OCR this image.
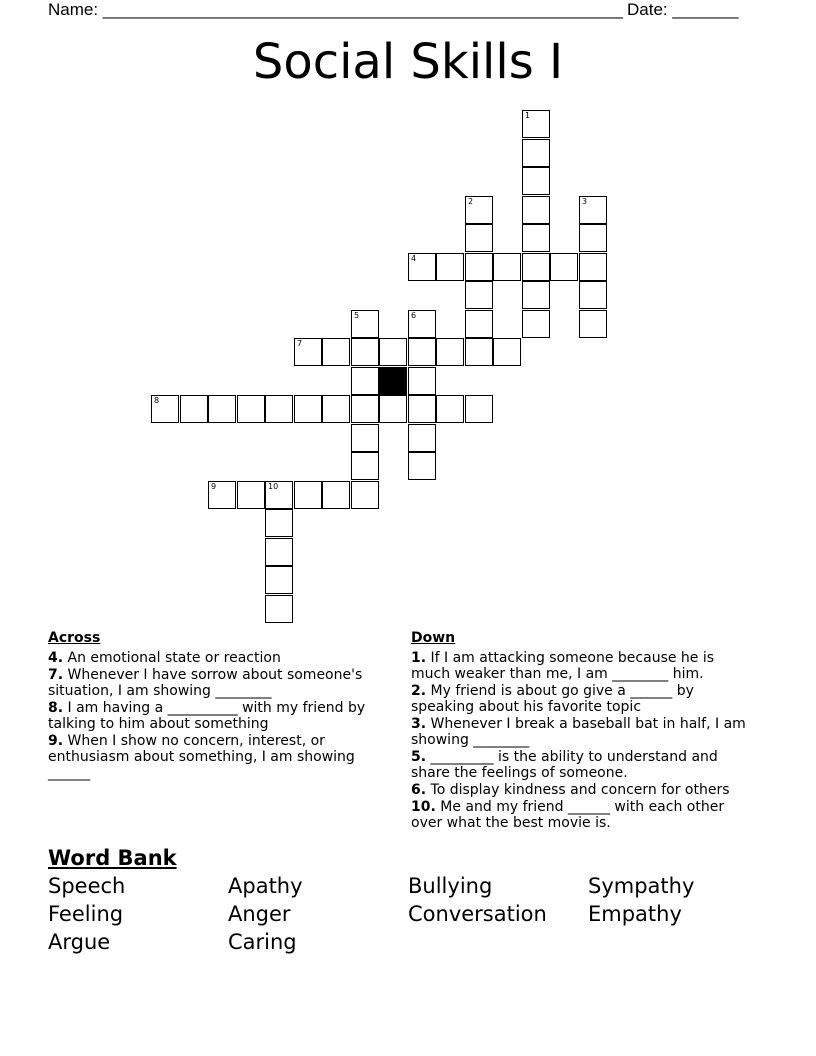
Name: _______________________________________________________ Date: _______
Social Skills I
1
2	3
4
5	6
7
8
9	10
Across
4. An emotional state or reaction
7. Whenever I have sorrow about someone's situation, I am showing ________
8. I am having a __________ with my friend by talking to him about something
9. When I show no concern, interest, or enthusiasm about something, I am showing ______
Down
1. If I am attacking someone because he is much weaker than me, I am ________ him.
2. My friend is about go give a ______ by speaking about his favorite topic
3. Whenever I break a baseball bat in half, I am showing ________
5. _________ is the ability to understand and share the feelings of someone.
6. To display kindness and concern for others
10. Me and my friend ______ with each other over what the best movie is.
Word Bank
Speech	Apathy	Bullying	Sympathy
Feeling	Anger	Conversation	Empathy
Argue	Caring
